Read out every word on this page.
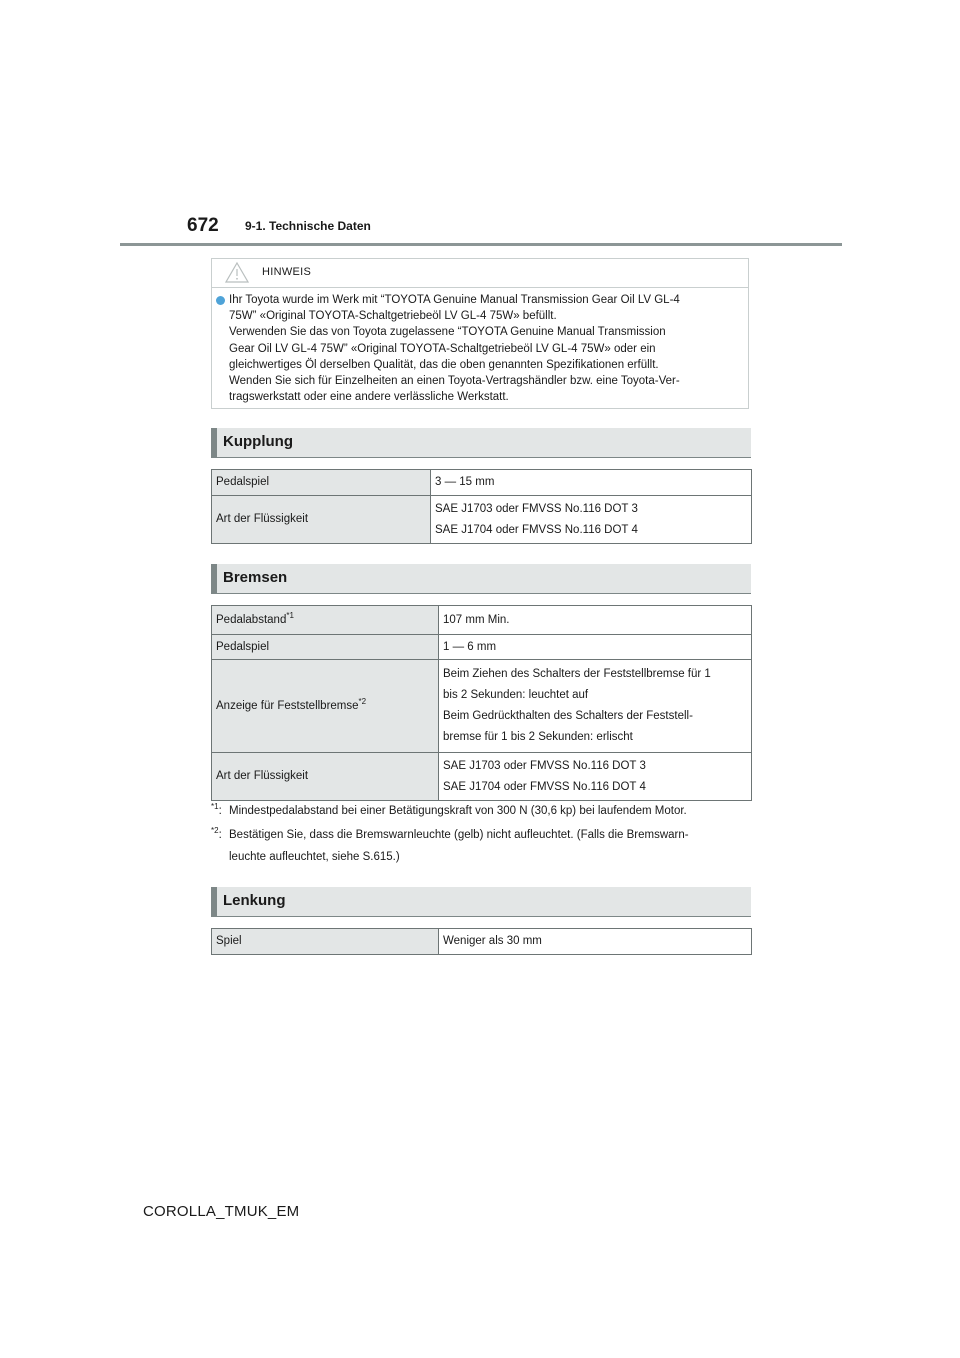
672 9-1. Technische Daten
HINWEIS

Ihr Toyota wurde im Werk mit “TOYOTA Genuine Manual Transmission Gear Oil LV GL-4
75W” «Original TOYOTA-Schaltgetriebeöl LV GL-4 75W» befüllt.
Verwenden Sie das von Toyota zugelassene “TOYOTA Genuine Manual Transmission
Gear Oil LV GL-4 75W” «Original TOYOTA-Schaltgetriebeöl LV GL-4 75W» oder ein
gleichwertiges Öl derselben Qualität, das die oben genannten Spezifikationen erfüllt.
Wenden Sie sich für Einzelheiten an einen Toyota-Vertragshändler bzw. eine Toyota-Ver-
tragswerkstatt oder eine andere verlässliche Werkstatt.

Kupplung
Pedalspiel	3 — 15 mm
Art der Flüssigkeit	SAE J1703 oder FMVSS No.116 DOT 3
SAE J1704 oder FMVSS No.116 DOT 4
Bremsen
Pedalabstand$^{*1}$	107 mm Min.
Pedalspiel	1 — 6 mm
Anzeige für Feststellbremse$^{*2}$	Beim Ziehen des Schalters der Feststellbremse für 1
bis 2 Sekunden: leuchtet auf
Beim Gedrückthalten des Schalters der Feststell-
bremse für 1 bis 2 Sekunden: erlischt

Art der Flüssigkeit	SAE J1703 oder FMVSS No.116 DOT 3
SAE J1704 oder FMVSS No.116 DOT 4
$^{*1}$: Mindestpedalabstand bei einer Betätigungskraft von 300 N (30,6 kp) bei laufendem Motor.
$^{*2}$: Bestätigen Sie, dass die Bremswarnleuchte (gelb) nicht aufleuchtet. (Falls die Bremswarn-
leuchte aufleuchtet, siehe S.615.)
Lenkung
Spiel	Weniger als 30 mm
COROLLA_TMUK_EM
